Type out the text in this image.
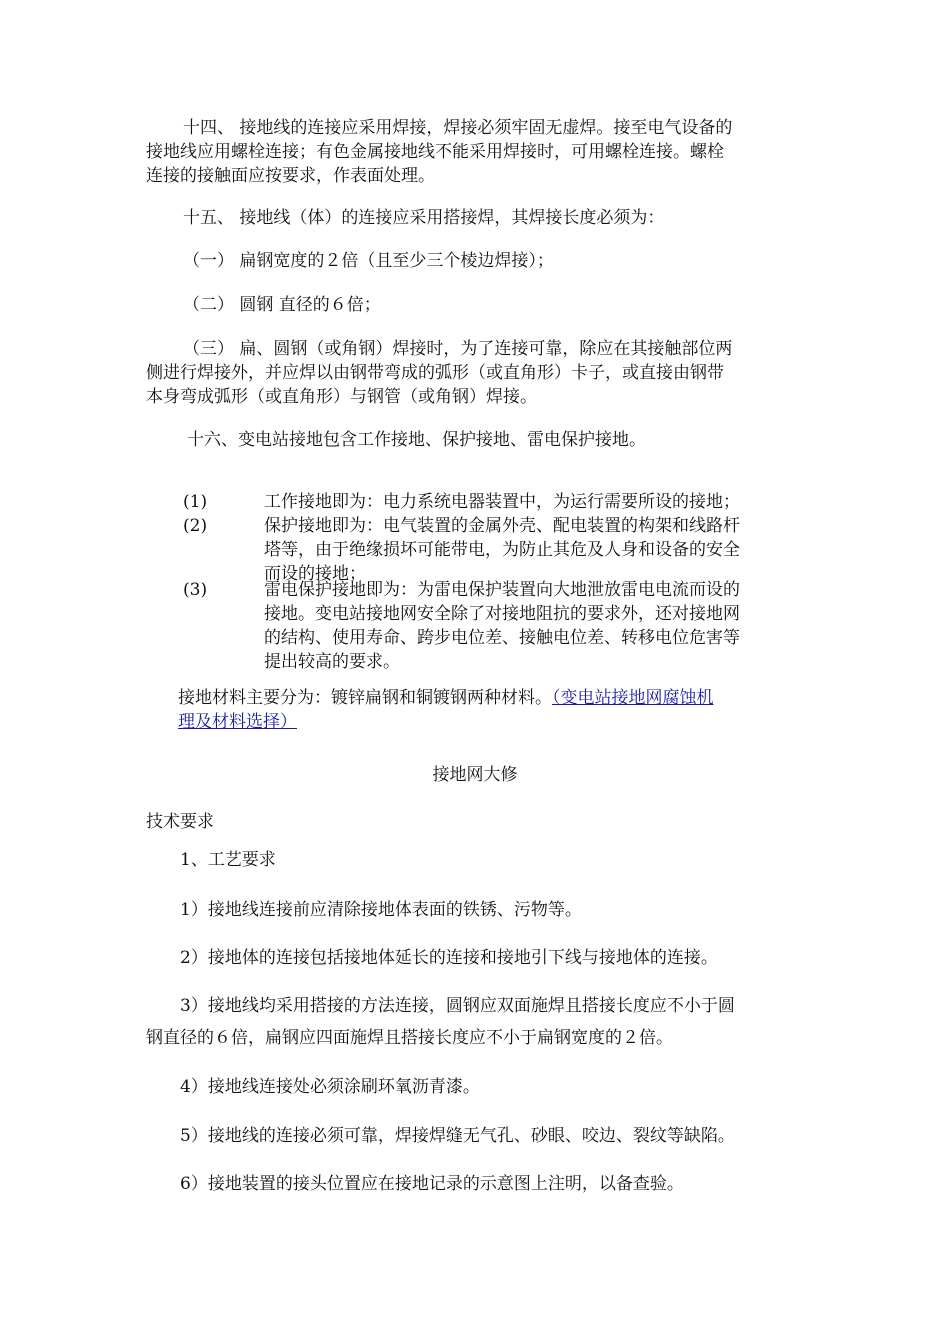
十四、 接地线的连接应采用焊接，焊接必须牢固无虚焊。接至电气设备的

接地线应用螺栓连接；有色金属接地线不能采用焊接时，可用螺栓连接。螺栓

连接的接触面应按要求，作表面处理。

十五、 接地线（体）的连接应采用搭接焊，其焊接长度必须为：

（一） 扁钢宽度的２倍（且至少三个棱边焊接）；

（二） 圆钢 直径的６倍；

（三） 扁、圆钢（或角钢）焊接时，为了连接可靠，除应在其接触部位两

侧进行焊接外，并应焊以由钢带弯成的弧形（或直角形）卡子，或直接由钢带

本身弯成弧形（或直角形）与钢管（或角钢）焊接。

十六、变电站接地包含工作接地、保护接地、雷电保护接地。

(1)	工作接地即为：电力系统电器装置中，为运行需要所设的接地；
(2)	保护接地即为：电气装置的金属外壳、配电装置的构架和线路杆
塔等，由于绝缘损坏可能带电，为防止其危及人身和设备的安全
而设的接地；
(3)	雷电保护接地即为：为雷电保护装置向大地泄放雷电电流而设的
接地。变电站接地网安全除了对接地阻抗的要求外，还对接地网
的结构、使用寿命、跨步电位差、接触电位差、转移电位危害等
提出较高的要求。

接地材料主要分为：镀锌扁钢和铜镀钢两种材料。（变电站接地网腐蚀机

理及材料选择）

接地网大修

技术要求

1、工艺要求

1）接地线连接前应清除接地体表面的铁锈、污物等。

2）接地体的连接包括接地体延长的连接和接地引下线与接地体的连接。

3）接地线均采用搭接的方法连接，圆钢应双面施焊且搭接长度应不小于圆

钢直径的６倍，扁钢应四面施焊且搭接长度应不小于扁钢宽度的２倍。

4）接地线连接处必须涂刷环氧沥青漆。

5）接地线的连接必须可靠，焊接焊缝无气孔、砂眼、咬边、裂纹等缺陷。

6）接地装置的接头位置应在接地记录的示意图上注明，以备查验。
